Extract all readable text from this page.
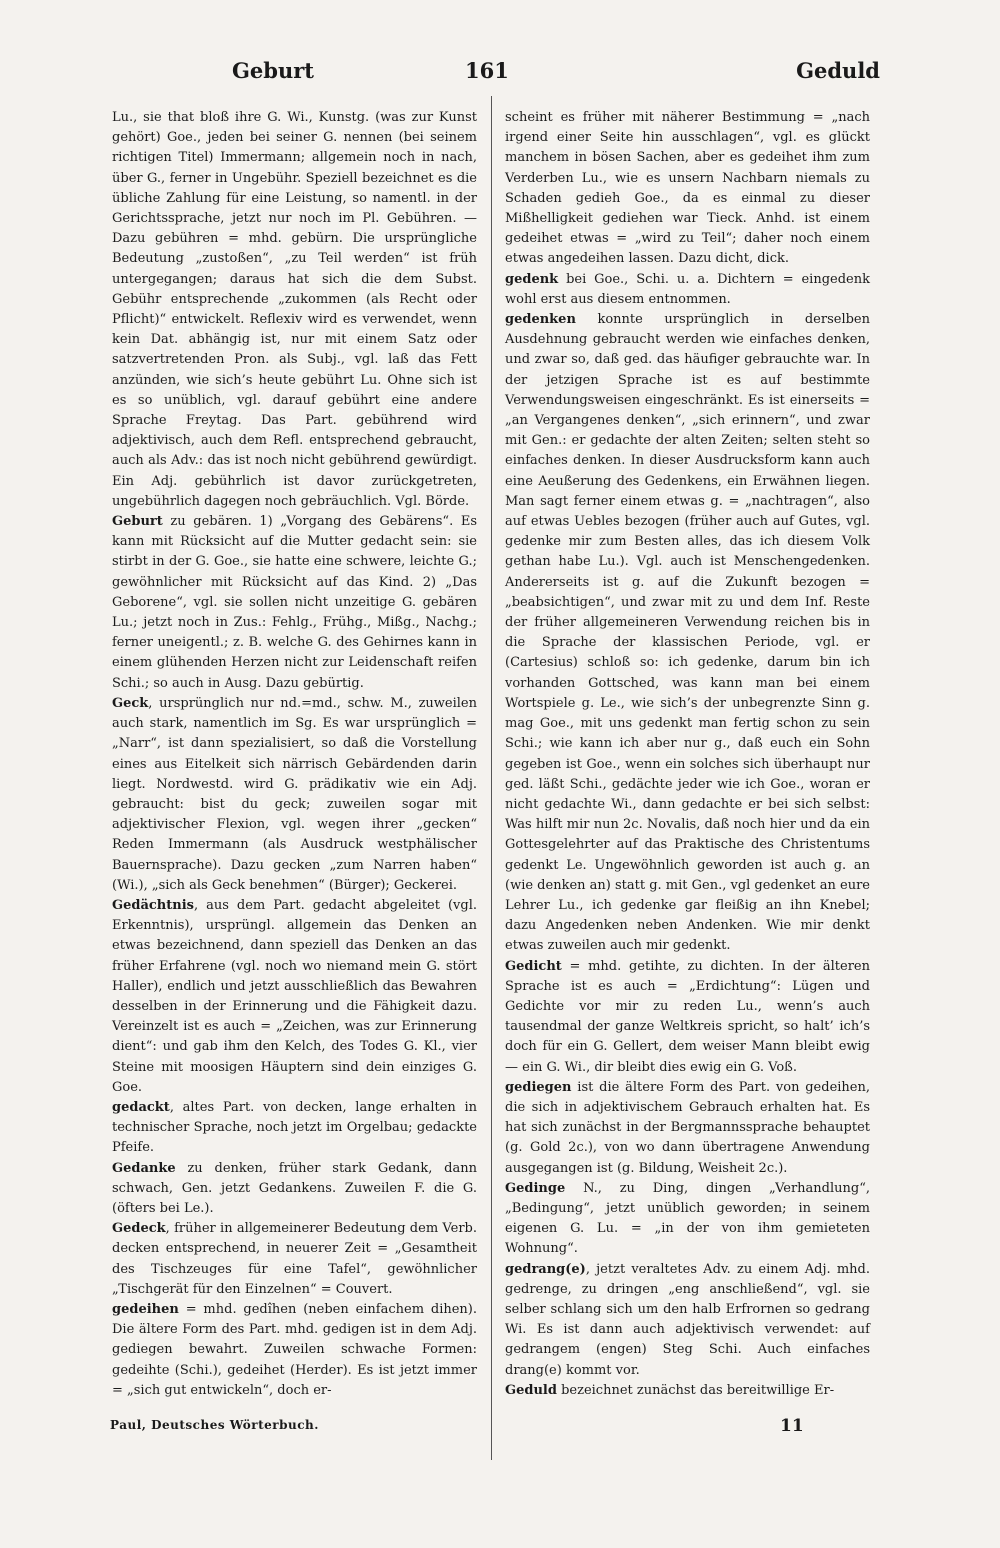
Geburt	161	Geduld

Lu., sie that bloß ihre G. Wi., Kunstg. (was zur Kunst gehört) Goe., jeden bei seiner G. nennen (bei seinem richtigen Titel) Immermann; allgemein noch in nach, über G., ferner in Ungebühr. Speziell bezeichnet es die übliche Zahlung für eine Leistung, so namentl. in der Gerichtssprache, jetzt nur noch im Pl. Gebühren. — Dazu gebühren = mhd. gebürn. Die ursprüngliche Bedeutung „zustoßen“, „zu Teil werden“ ist früh untergegangen; daraus hat sich die dem Subst. Gebühr entsprechende „zukommen (als Recht oder Pflicht)“ entwickelt. Reflexiv wird es verwendet, wenn kein Dat. abhängig ist, nur mit einem Satz oder satzvertretenden Pron. als Subj., vgl. laß das Fett anzünden, wie sich’s heute gebührt Lu. Ohne sich ist es so unüblich, vgl. darauf gebührt eine andere Sprache Freytag. Das Part. gebührend wird adjektivisch, auch dem Refl. entsprechend gebraucht, auch als Adv.: das ist noch nicht gebührend gewürdigt. Ein Adj. gebührlich ist davor zurückgetreten, ungebührlich dagegen noch gebräuchlich. Vgl. Börde.

Geburt zu gebären. 1) „Vorgang des Gebärens“. Es kann mit Rücksicht auf die Mutter gedacht sein: sie stirbt in der G. Goe., sie hatte eine schwere, leichte G.; gewöhnlicher mit Rücksicht auf das Kind. 2) „Das Geborene“, vgl. sie sollen nicht unzeitige G. gebären Lu.; jetzt noch in Zus.: Fehlg., Frühg., Mißg., Nachg.; ferner uneigentl.; z. B. welche G. des Gehirnes kann in einem glühenden Herzen nicht zur Leidenschaft reifen Schi.; so auch in Ausg. Dazu gebürtig.

Geck, ursprünglich nur nd.=md., schw. M., zuweilen auch stark, namentlich im Sg. Es war ursprünglich = „Narr“, ist dann spezialisiert, so daß die Vorstellung eines aus Eitelkeit sich närrisch Gebärdenden darin liegt. Nordwestd. wird G. prädikativ wie ein Adj. gebraucht: bist du geck; zuweilen sogar mit adjektivischer Flexion, vgl. wegen ihrer „gecken“ Reden Immermann (als Ausdruck westphälischer Bauernsprache). Dazu gecken „zum Narren haben“ (Wi.), „sich als Geck benehmen“ (Bürger); Geckerei.

Gedächtnis, aus dem Part. gedacht abgeleitet (vgl. Erkenntnis), ursprüngl. allgemein das Denken an etwas bezeichnend, dann speziell das Denken an das früher Erfahrene (vgl. noch wo niemand mein G. stört Haller), endlich und jetzt ausschließlich das Bewahren desselben in der Erinnerung und die Fähigkeit dazu. Vereinzelt ist es auch = „Zeichen, was zur Erinnerung dient“: und gab ihm den Kelch, des Todes G. Kl., vier Steine mit moosigen Häuptern sind dein einziges G. Goe.

gedackt, altes Part. von decken, lange erhalten in technischer Sprache, noch jetzt im Orgelbau; gedackte Pfeife.

Gedanke zu denken, früher stark Gedank, dann schwach, Gen. jetzt Gedankens. Zuweilen F. die G. (öfters bei Le.).

Gedeck, früher in allgemeinerer Bedeutung dem Verb. decken entsprechend, in neuerer Zeit = „Gesamtheit des Tischzeuges für eine Tafel“, gewöhnlicher „Tischgerät für den Einzelnen“ = Couvert.

gedeihen = mhd. gedîhen (neben einfachem dihen). Die ältere Form des Part. mhd. gedigen ist in dem Adj. gediegen bewahrt. Zuweilen schwache Formen: gedeihte (Schi.), gedeihet (Herder). Es ist jetzt immer = „sich gut entwickeln“, doch er-

scheint es früher mit näherer Bestimmung = „nach irgend einer Seite hin ausschlagen“, vgl. es glückt manchem in bösen Sachen, aber es gedeihet ihm zum Verderben Lu., wie es unsern Nachbarn niemals zu Schaden gedieh Goe., da es einmal zu dieser Mißhelligkeit gediehen war Tieck. Anhd. ist einem gedeihet etwas = „wird zu Teil“; daher noch einem etwas angedeihen lassen. Dazu dicht, dick.

gedenk bei Goe., Schi. u. a. Dichtern = eingedenk wohl erst aus diesem entnommen.

gedenken konnte ursprünglich in derselben Ausdehnung gebraucht werden wie einfaches denken, und zwar so, daß ged. das häufiger gebrauchte war. In der jetzigen Sprache ist es auf bestimmte Verwendungsweisen eingeschränkt. Es ist einerseits = „an Vergangenes denken“, „sich erinnern“, und zwar mit Gen.: er gedachte der alten Zeiten; selten steht so einfaches denken. In dieser Ausdrucksform kann auch eine Aeußerung des Gedenkens, ein Erwähnen liegen. Man sagt ferner einem etwas g. = „nachtragen“, also auf etwas Uebles bezogen (früher auch auf Gutes, vgl. gedenke mir zum Besten alles, das ich diesem Volk gethan habe Lu.). Vgl. auch ist Menschengedenken. Andererseits ist g. auf die Zukunft bezogen = „beabsichtigen“, und zwar mit zu und dem Inf. Reste der früher allgemeineren Verwendung reichen bis in die Sprache der klassischen Periode, vgl. er (Cartesius) schloß so: ich gedenke, darum bin ich vorhanden Gottsched, was kann man bei einem Wortspiele g. Le., wie sich’s der unbegrenzte Sinn g. mag Goe., mit uns gedenkt man fertig schon zu sein Schi.; wie kann ich aber nur g., daß euch ein Sohn gegeben ist Goe., wenn ein solches sich überhaupt nur ged. läßt Schi., gedächte jeder wie ich Goe., woran er nicht gedachte Wi., dann gedachte er bei sich selbst: Was hilft mir nun 2c. Novalis, daß noch hier und da ein Gottesgelehrter auf das Praktische des Christentums gedenkt Le. Ungewöhnlich geworden ist auch g. an (wie denken an) statt g. mit Gen., vgl gedenket an eure Lehrer Lu., ich gedenke gar fleißig an ihn Knebel; dazu Angedenken neben Andenken. Wie mir denkt etwas zuweilen auch mir gedenkt.

Gedicht = mhd. getihte, zu dichten. In der älteren Sprache ist es auch = „Erdichtung“: Lügen und Gedichte vor mir zu reden Lu., wenn’s auch tausendmal der ganze Weltkreis spricht, so halt’ ich’s doch für ein G. Gellert, dem weiser Mann bleibt ewig — ein G. Wi., dir bleibt dies ewig ein G. Voß.

gediegen ist die ältere Form des Part. von gedeihen, die sich in adjektivischem Gebrauch erhalten hat. Es hat sich zunächst in der Bergmannssprache behauptet (g. Gold 2c.), von wo dann übertragene Anwendung ausgegangen ist (g. Bildung, Weisheit 2c.).

Gedinge N., zu Ding, dingen „Verhandlung“, „Bedingung“, jetzt unüblich geworden; in seinem eigenen G. Lu. = „in der von ihm gemieteten Wohnung“.

gedrang(e), jetzt veraltetes Adv. zu einem Adj. mhd. gedrenge, zu dringen „eng anschließend“, vgl. sie selber schlang sich um den halb Erfrornen so gedrang Wi. Es ist dann auch adjektivisch verwendet: auf gedrangem (engen) Steg Schi. Auch einfaches drang(e) kommt vor.

Geduld bezeichnet zunächst das bereitwillige Er-

Paul, Deutsches Wörterbuch.	11
